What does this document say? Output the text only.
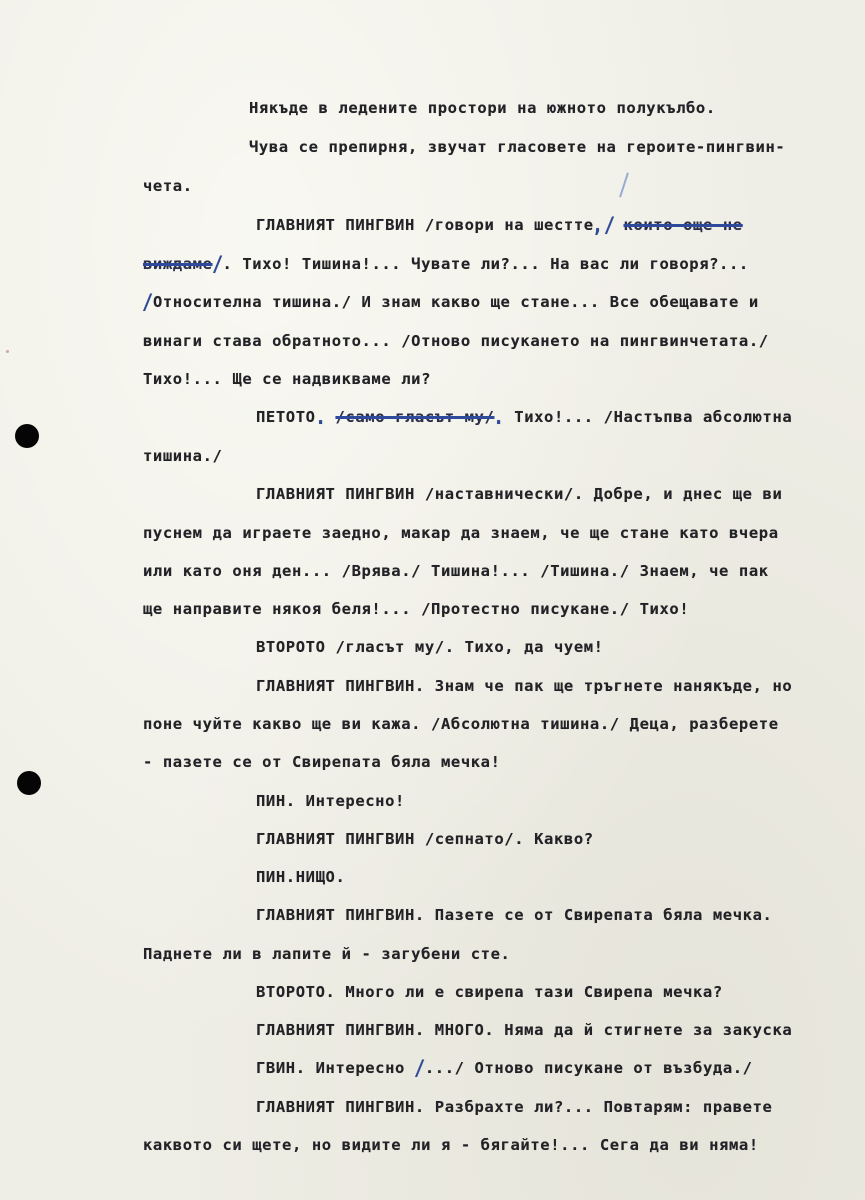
Някъде в ледените простори на южното полукълбо.
Чува се препирня, звучат гласовете на героите-пингвин-
чета.
ГЛАВНИЯТ ПИНГВИН /говори на шестте,/ които още не
виждаме/. Тихо! Тишина!... Чувате ли?... На вас ли говоря?...
/Относителна тишина./ И знам какво ще стане... Все обещавате и
винаги става обратното... /Отново писукането на пингвинчетата./
Тихо!... Ще се надвикваме ли?
ПЕТОТО. /само гласът му/. Тихо!... /Настъпва абсолютна
тишина./
ГЛАВНИЯТ ПИНГВИН /наставнически/. Добре, и днес ще ви
пуснем да играете заедно, макар да знаем, че ще стане като вчера
или като оня ден... /Врява./ Тишина!... /Тишина./ Знаем, че пак
ще направите някоя беля!... /Протестно писукане./ Тихо!
ВТОРОТО /гласът му/. Тихо, да чуем!
ГЛАВНИЯТ ПИНГВИН. Знам че пак ще тръгнете нанякъде, но
поне чуйте какво ще ви кажа. /Абсолютна тишина./ Деца, разберете
- пазете се от Свирепата бяла мечка!
ПИН. Интересно!
ГЛАВНИЯТ ПИНГВИН /сепнато/. Какво?
ПИН.НИЩО.
ГЛАВНИЯТ ПИНГВИН. Пазете се от Свирепата бяла мечка.
Паднете ли в лапите й - загубени сте.
ВТОРОТО. Много ли е свирепа тази Свирепа мечка?
ГЛАВНИЯТ ПИНГВИН. МНОГО. Няма да й стигнете за закуска
ГВИН. Интересно /.../ Отново писукане от възбуда./
ГЛАВНИЯТ ПИНГВИН. Разбрахте ли?... Повтарям: правете
каквото си щете, но видите ли я - бягайте!... Сега да ви няма!
